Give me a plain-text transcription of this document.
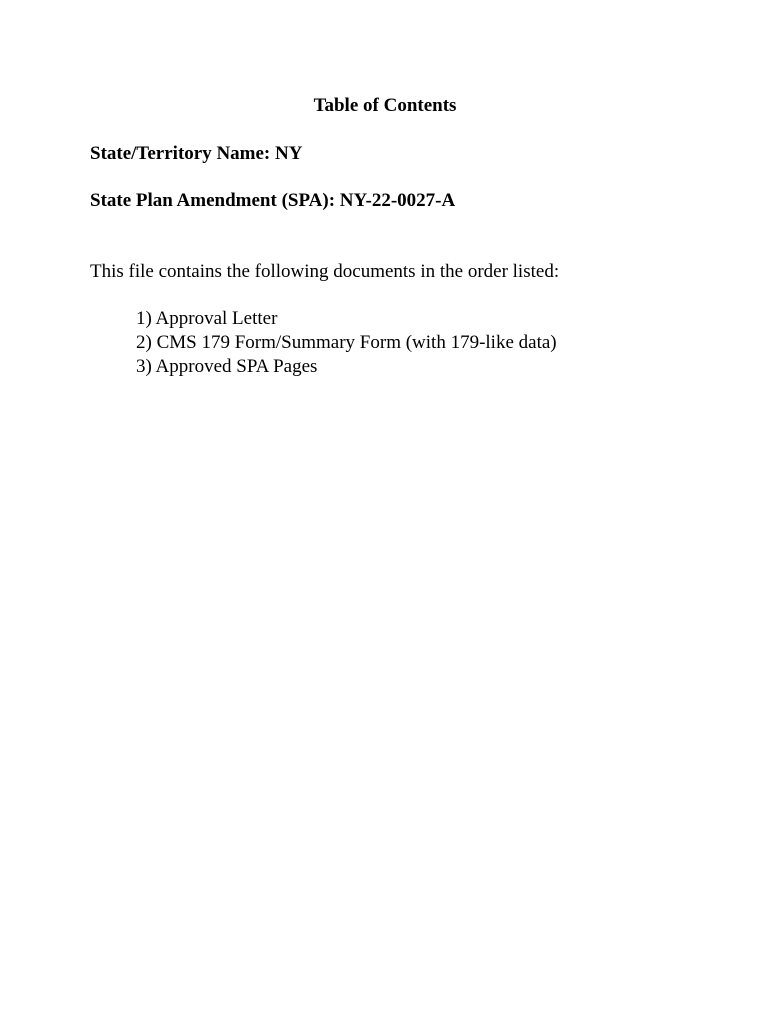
Table of Contents
State/Territory Name: NY
State Plan Amendment (SPA): NY-22-0027-A
This file contains the following documents in the order listed:
1) Approval Letter
2) CMS 179 Form/Summary Form (with 179-like data)
3) Approved SPA Pages
